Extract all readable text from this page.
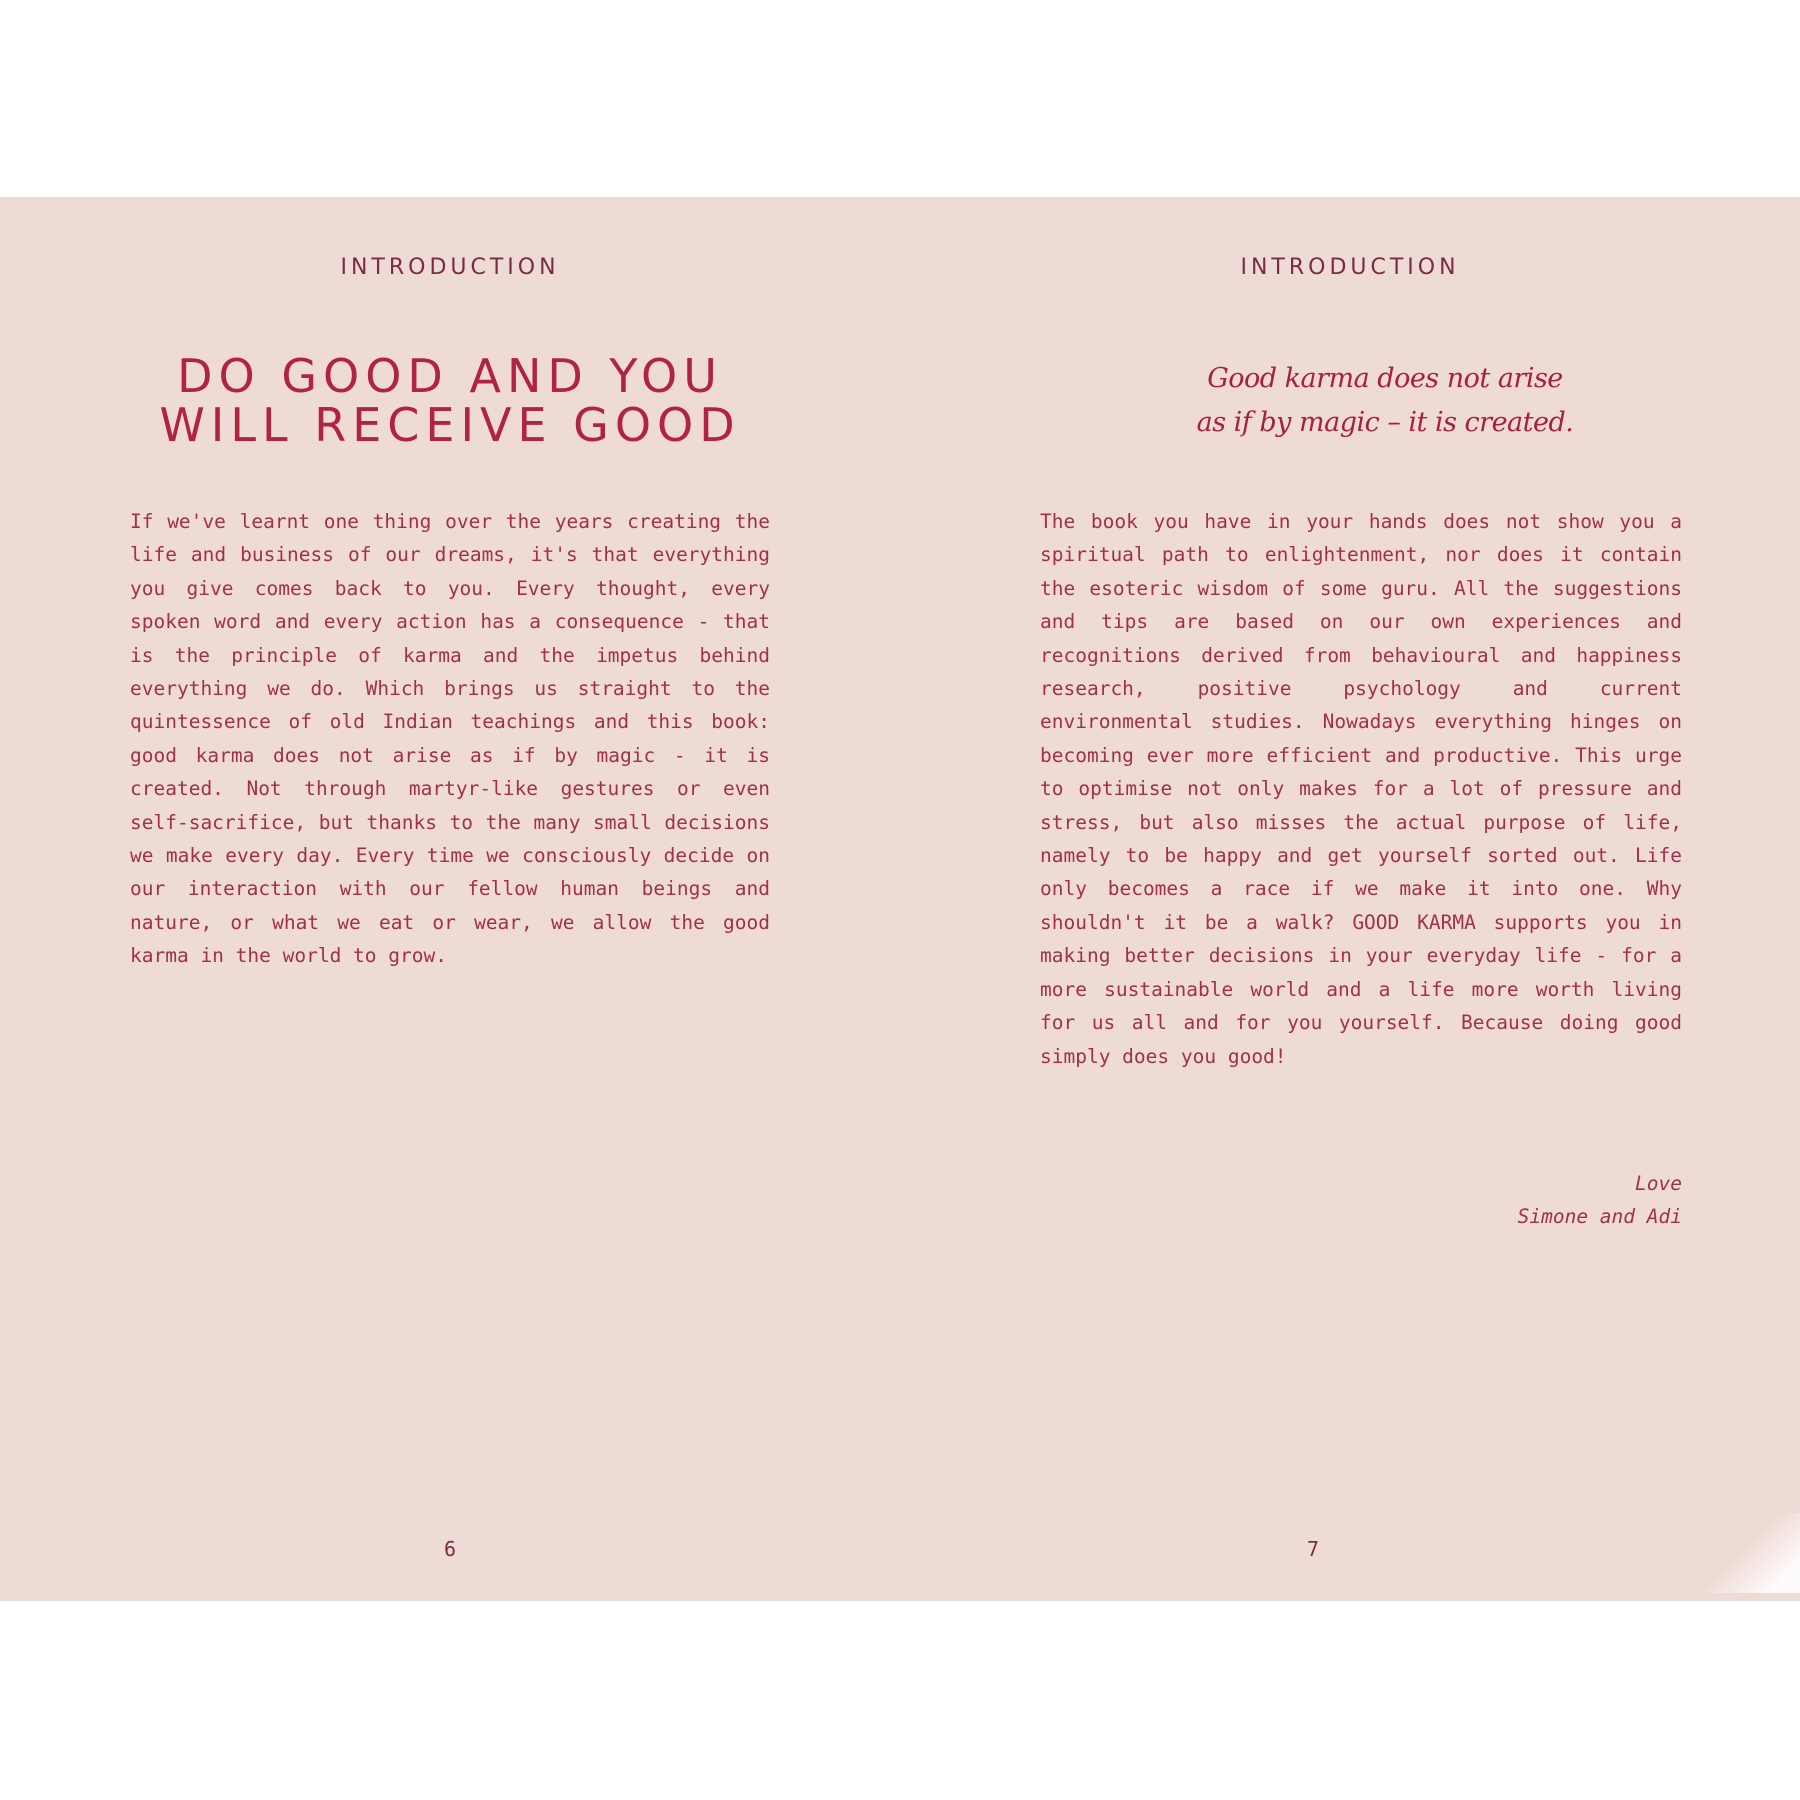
INTRODUCTION
DO GOOD AND YOU
WILL RECEIVE GOOD

If we've learnt one thing over the years creating the life and business of our dreams, it's that everything you give comes back to you. Every thought, every spoken word and every action has a consequence - that is the principle of karma and the impetus behind everything we do. Which brings us straight to the quintessence of old Indian teachings and this book: good karma does not arise as if by magic - it is created. Not through martyr-like gestures or even self-sacrifice, but thanks to the many small decisions we make every day. Every time we consciously decide on our interaction with our fellow human beings and nature, or what we eat or wear, we allow the good karma in the world to grow.

6
INTRODUCTION
Good karma does not arise
as if by magic – it is created.

The book you have in your hands does not show you a spiritual path to enlightenment, nor does it contain the esoteric wisdom of some guru. All the suggestions and tips are based on our own experiences and recognitions derived from behavioural and happiness research, positive psychology and current environmental studies. Nowadays everything hinges on becoming ever more efficient and productive. This urge to optimise not only makes for a lot of pressure and stress, but also misses the actual purpose of life, namely to be happy and get yourself sorted out. Life only becomes a race if we make it into one. Why shouldn't it be a walk? GOOD KARMA supports you in making better decisions in your everyday life - for a more sustainable world and a life more worth living for us all and for you yourself. Because doing good simply does you good!

Love
Simone and Adi
7
